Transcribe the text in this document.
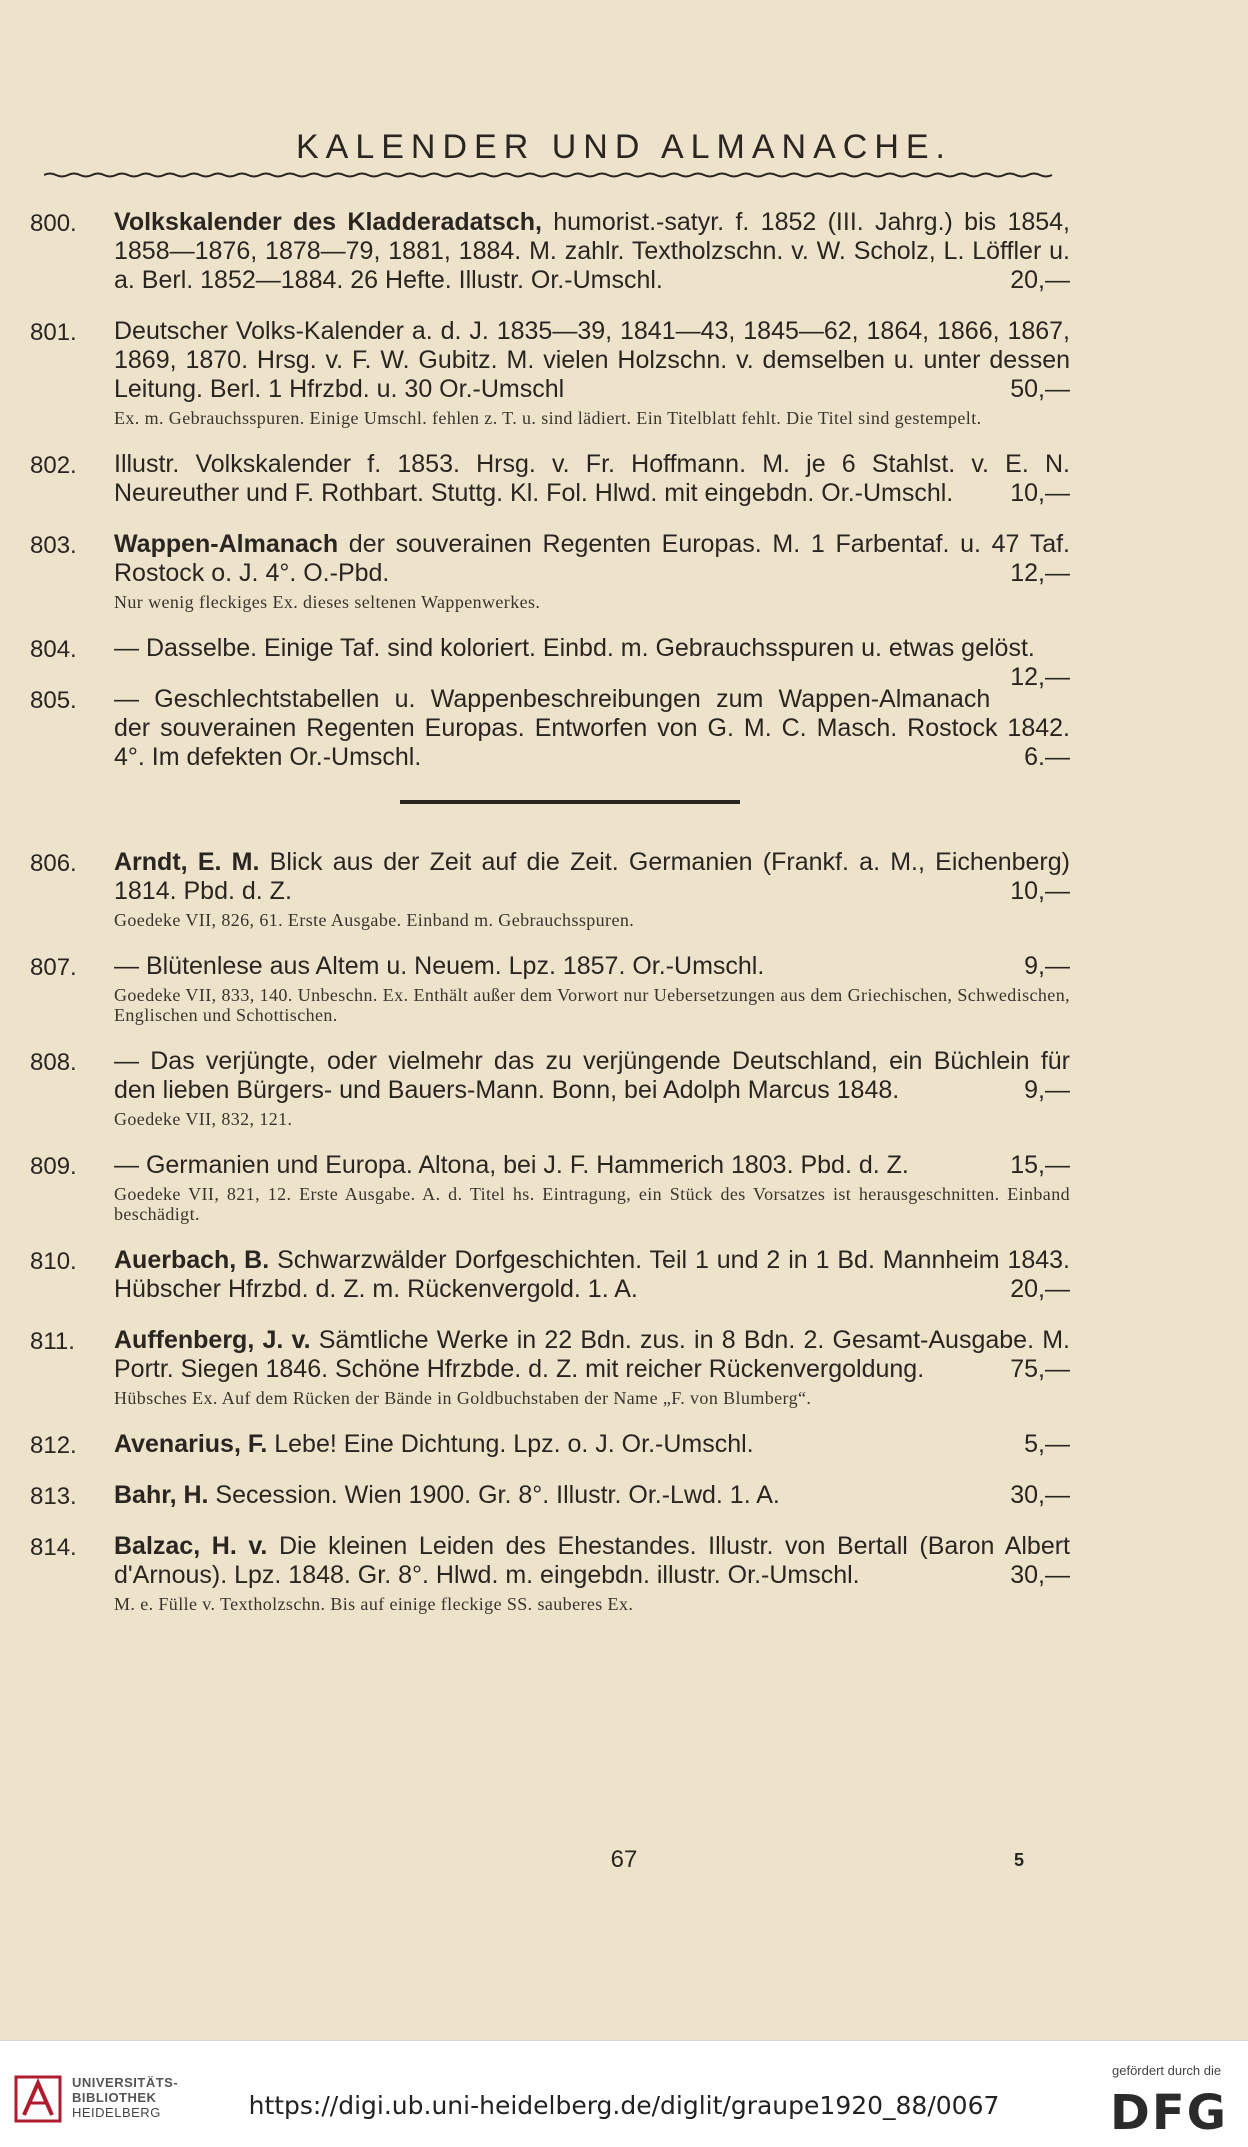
KALENDER UND ALMANACHE.
800. Volkskalender des Kladderadatsch, humorist.-satyr. f. 1852 (III. Jahrg.) bis 1854, 1858—1876, 1878—79, 1881, 1884. M. zahlr. Textholzschn. v. W. Scholz, L. Löffler u. a. Berl. 1852—1884. 26 Hefte. Illustr. Or.-Umschl.	20,—
801. Deutscher Volks-Kalender a. d. J. 1835—39, 1841—43, 1845—62, 1864, 1866, 1867, 1869, 1870. Hrsg. v. F. W. Gubitz. M. vielen Holzschn. v. demselben u. unter dessen Leitung. Berl. 1 Hfrzbd. u. 30 Or.-Umschl	50,—
Ex. m. Gebrauchsspuren. Einige Umschl. fehlen z. T. u. sind lädiert. Ein Titelblatt fehlt. Die Titel sind gestempelt.
802. Illustr. Volkskalender f. 1853. Hrsg. v. Fr. Hoffmann. M. je 6 Stahlst. v. E. N. Neureuther und F. Rothbart. Stuttg. Kl. Fol. Hlwd. mit eingebdn. Or.-Umschl.	10,—
803. Wappen-Almanach der souverainen Regenten Europas. M. 1 Farbentaf. u. 47 Taf. Rostock o. J. 4°. O.-Pbd.	12,—
Nur wenig fleckiges Ex. dieses seltenen Wappenwerkes.
804. — Dasselbe. Einige Taf. sind koloriert. Einbd. m. Gebrauchsspuren u. etwas gelöst.
12,—
805. — Geschlechtstabellen u. Wappenbeschreibungen zum Wappen-Almanach der souverainen Regenten Europas. Entworfen von G. M. C. Masch. Rostock 1842. 4°. Im defekten Or.-Umschl.	6.—
806. Arndt, E. M. Blick aus der Zeit auf die Zeit. Germanien (Frankf. a. M., Eichenberg) 1814. Pbd. d. Z.	10,—
Goedeke VII, 826, 61. Erste Ausgabe. Einband m. Gebrauchsspuren.
807. — Blütenlese aus Altem u. Neuem. Lpz. 1857. Or.-Umschl.	9,—
Goedeke VII, 833, 140. Unbeschn. Ex. Enthält außer dem Vorwort nur Uebersetzungen aus dem Griechischen, Schwedischen, Englischen und Schottischen.
808. — Das verjüngte, oder vielmehr das zu verjüngende Deutschland, ein Büchlein für den lieben Bürgers- und Bauers-Mann. Bonn, bei Adolph Marcus 1848.	9,—
Goedeke VII, 832, 121.
809. — Germanien und Europa. Altona, bei J. F. Hammerich 1803. Pbd. d. Z.	15,—
Goedeke VII, 821, 12. Erste Ausgabe. A. d. Titel hs. Eintragung, ein Stück des Vorsatzes ist herausgeschnitten. Einband beschädigt.
810. Auerbach, B. Schwarzwälder Dorfgeschichten. Teil 1 und 2 in 1 Bd. Mannheim 1843. Hübscher Hfrzbd. d. Z. m. Rückenvergold. 1. A.	20,—
811. Auffenberg, J. v. Sämtliche Werke in 22 Bdn. zus. in 8 Bdn. 2. Gesamt-Ausgabe. M. Portr. Siegen 1846. Schöne Hfrzbde. d. Z. mit reicher Rückenvergoldung.	75,—
Hübsches Ex. Auf dem Rücken der Bände in Goldbuchstaben der Name „F. von Blumberg“.
812. Avenarius, F. Lebe! Eine Dichtung. Lpz. o. J. Or.-Umschl.	5,—
813. Bahr, H. Secession. Wien 1900. Gr. 8°. Illustr. Or.-Lwd. 1. A.	30,—
814. Balzac, H. v. Die kleinen Leiden des Ehestandes. Illustr. von Bertall (Baron Albert d'Arnous). Lpz. 1848. Gr. 8°. Hlwd. m. eingebdn. illustr. Or.-Umschl.	30,—
M. e. Fülle v. Textholzschn. Bis auf einige fleckige SS. sauberes Ex.
67	5
UNIVERSITÄTS-
BIBLIOTHEK
HEIDELBERG	https://digi.ub.uni-heidelberg.de/diglit/graupe1920_88/0067
gefördert durch die
DFG
